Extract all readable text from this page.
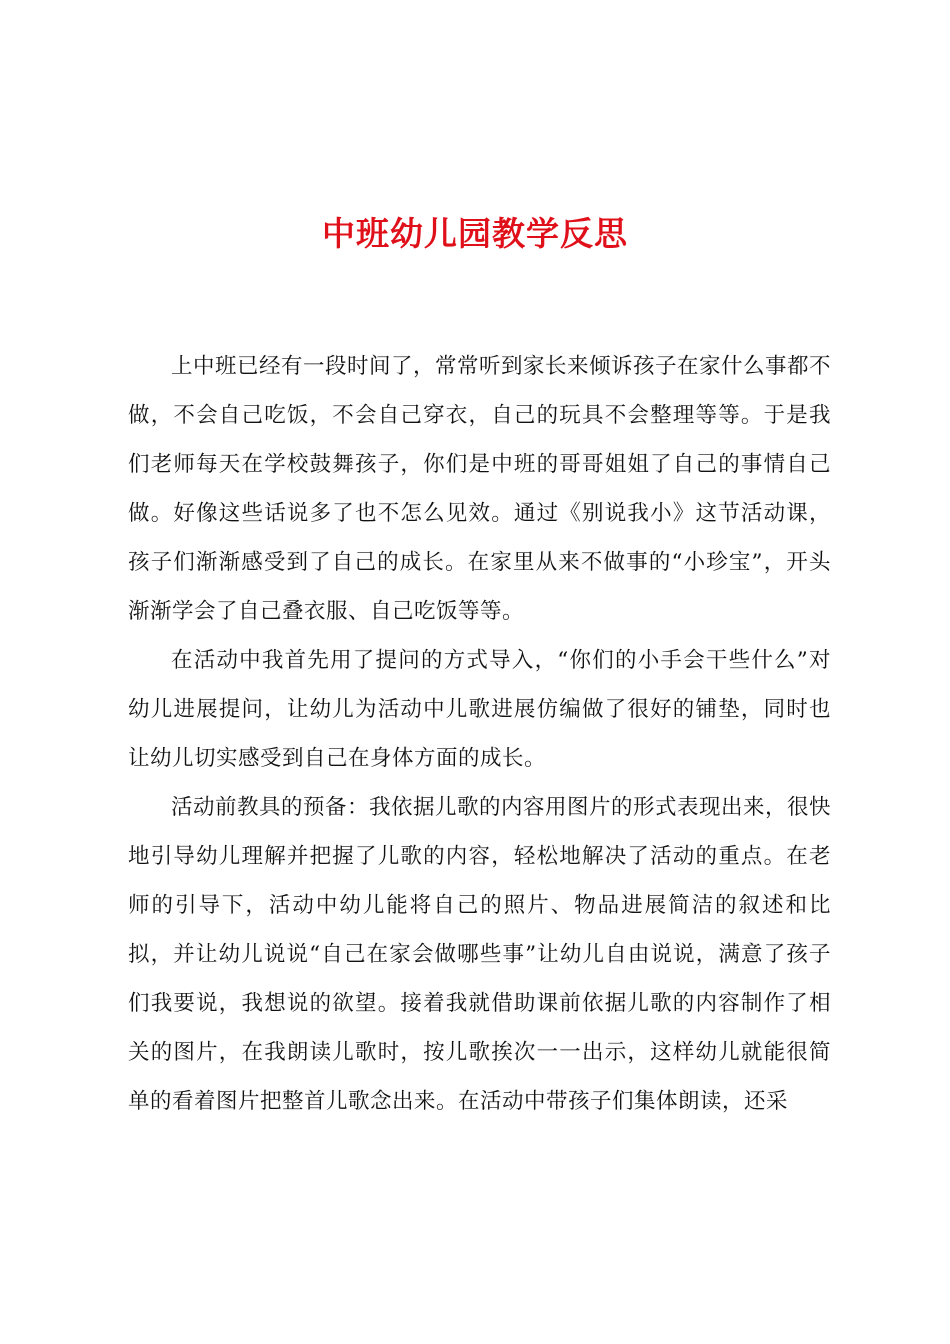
中班幼儿园教学反思

上中班已经有一段时间了，常常听到家长来倾诉孩子在家什么事都不做，不会自己吃饭，不会自己穿衣，自己的玩具不会整理等等。于是我们老师每天在学校鼓舞孩子，你们是中班的哥哥姐姐了自己的事情自己做。好像这些话说多了也不怎么见效。通过《别说我小》这节活动课，孩子们渐渐感受到了自己的成长。在家里从来不做事的“小珍宝”，开头渐渐学会了自己叠衣服、自己吃饭等等。

在活动中我首先用了提问的方式导入，“你们的小手会干些什么”对幼儿进展提问，让幼儿为活动中儿歌进展仿编做了很好的铺垫，同时也让幼儿切实感受到自己在身体方面的成长。

活动前教具的预备：我依据儿歌的内容用图片的形式表现出来，很快地引导幼儿理解并把握了儿歌的内容，轻松地解决了活动的重点。在老师的引导下，活动中幼儿能将自己的照片、物品进展简洁的叙述和比拟，并让幼儿说说“自己在家会做哪些事”让幼儿自由说说，满意了孩子们我要说，我想说的欲望。接着我就借助课前依据儿歌的内容制作了相关的图片，在我朗读儿歌时，按儿歌挨次一一出示，这样幼儿就能很简单的看着图片把整首儿歌念出来。在活动中带孩子们集体朗读，还采
